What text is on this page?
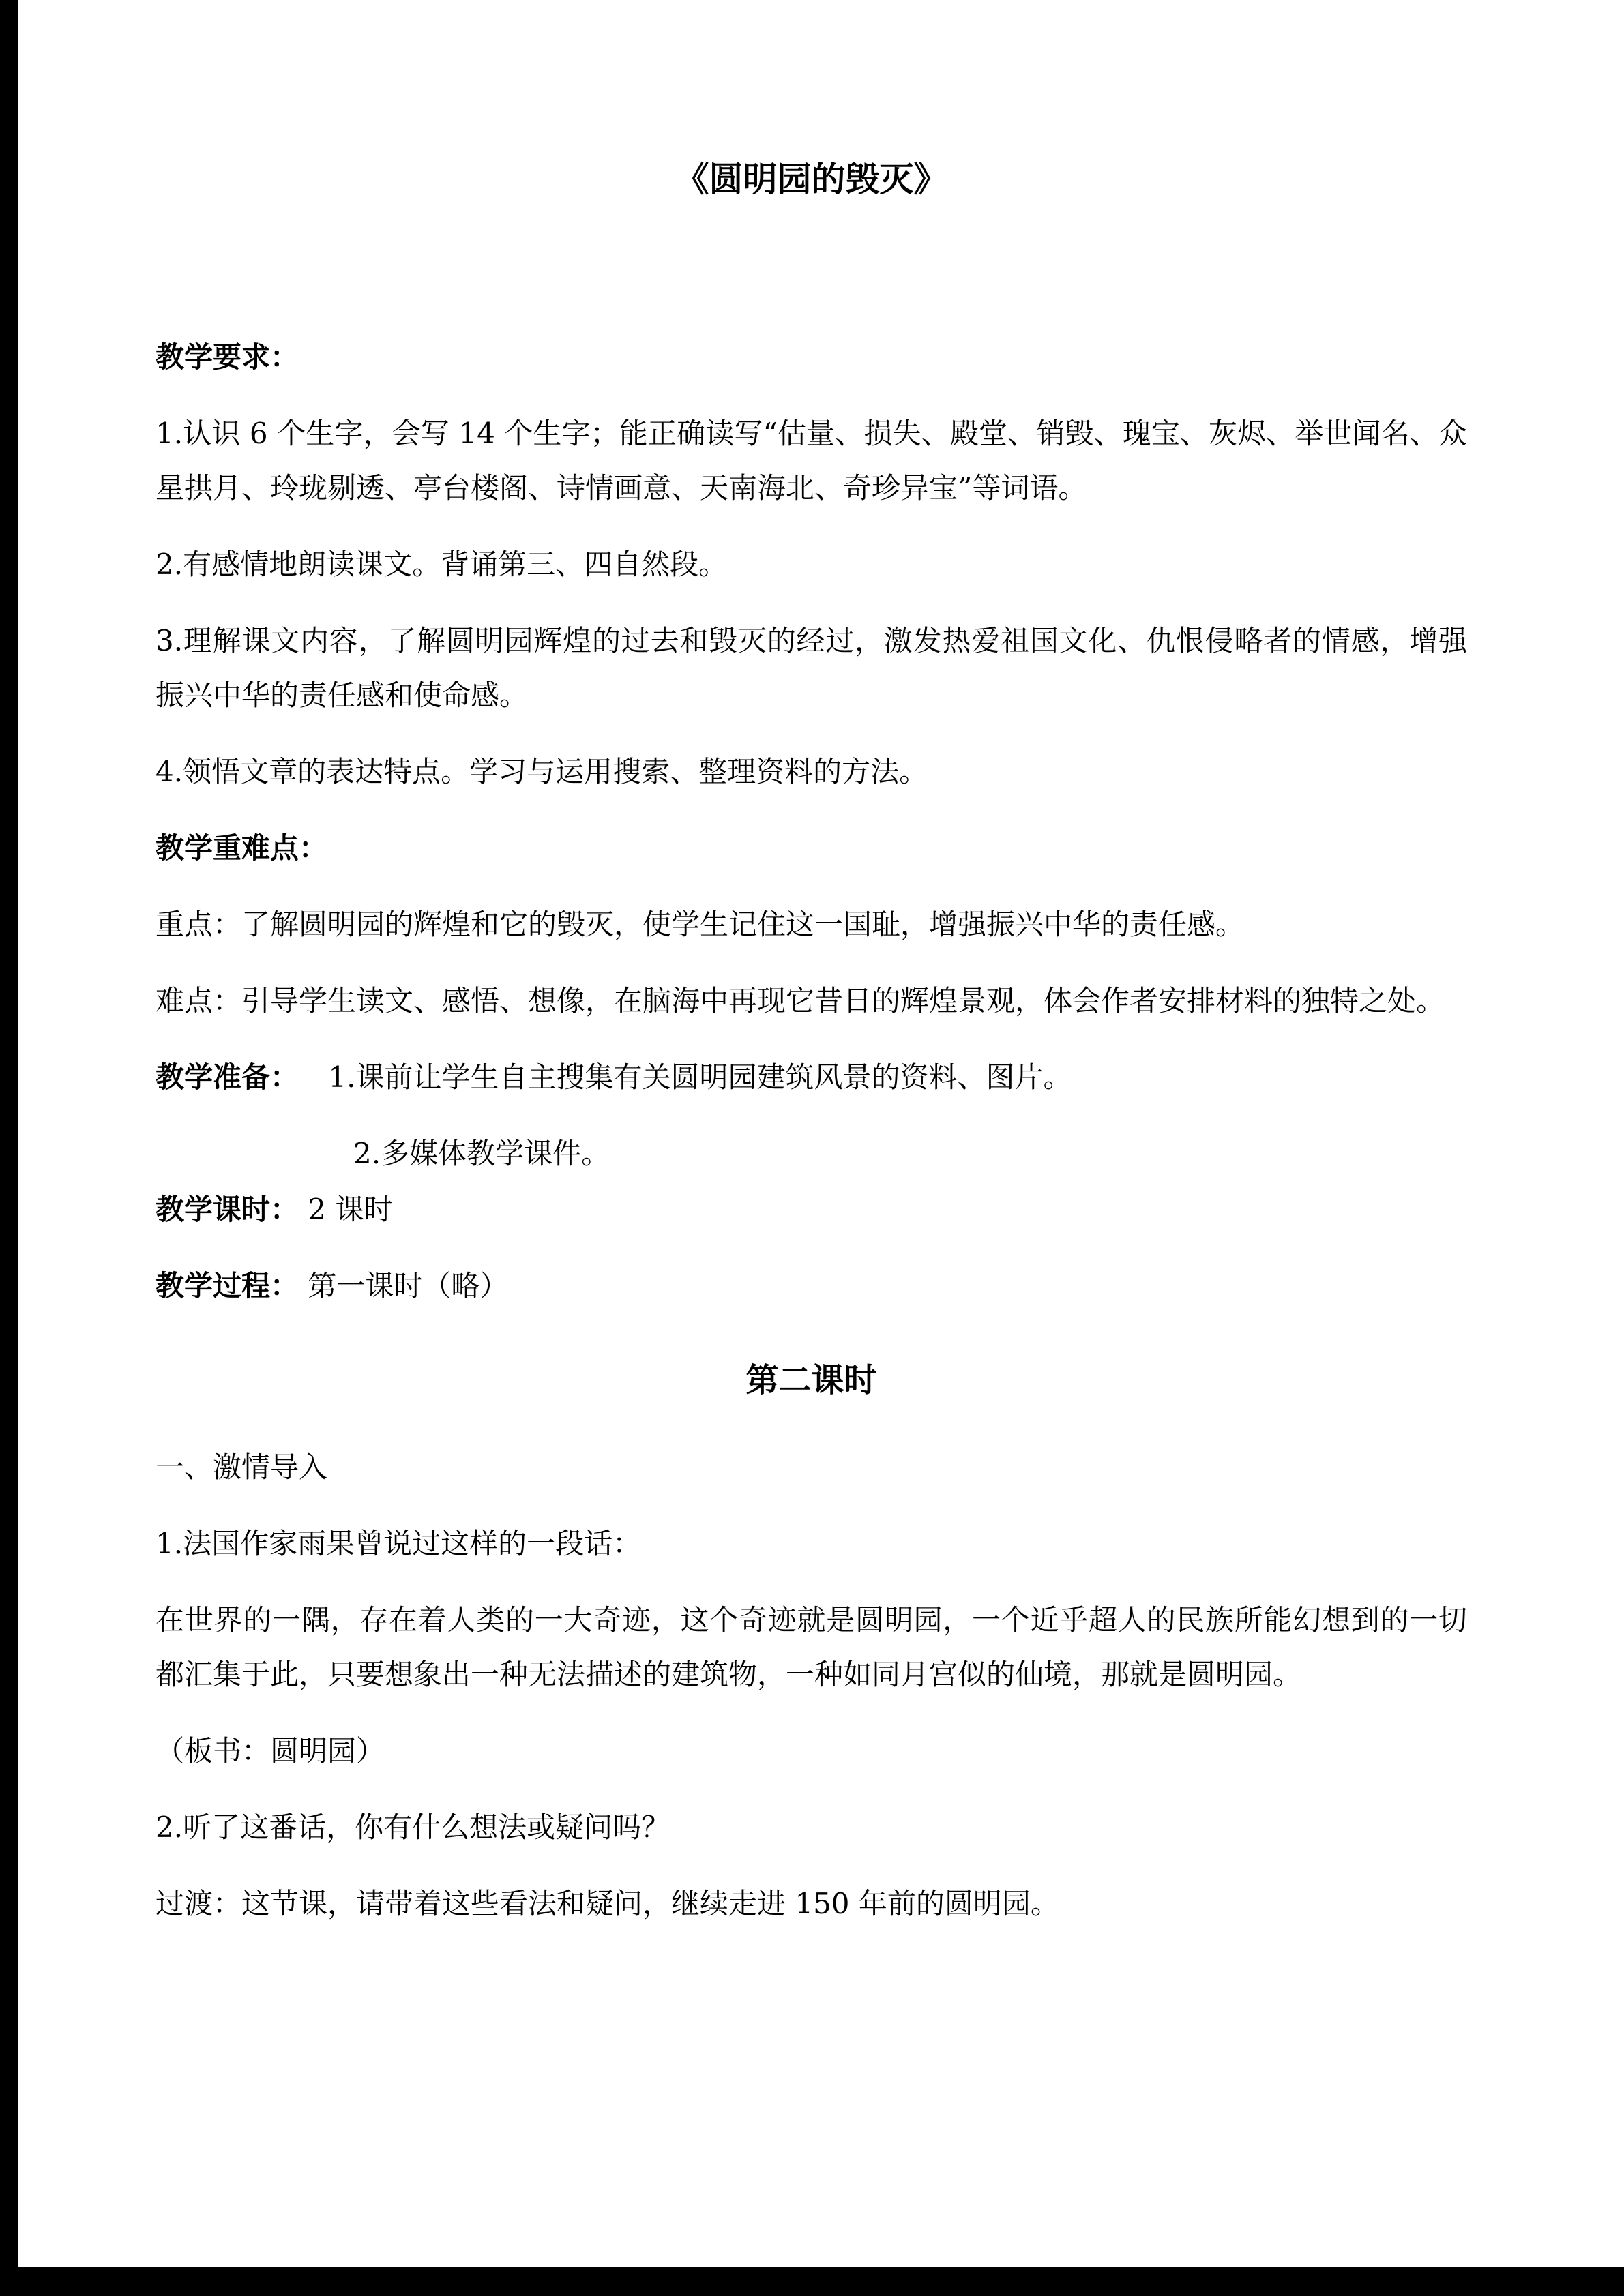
《圆明园的毁灭》
教学要求：
1.认识 6 个生字，会写 14 个生字；能正确读写“估量、损失、殿堂、销毁、瑰宝、灰烬、举世闻名、众星拱月、玲珑剔透、亭台楼阁、诗情画意、天南海北、奇珍异宝”等词语。
2.有感情地朗读课文。背诵第三、四自然段。
3.理解课文内容，了解圆明园辉煌的过去和毁灭的经过，激发热爱祖国文化、仇恨侵略者的情感，增强振兴中华的责任感和使命感。
4.领悟文章的表达特点。学习与运用搜索、整理资料的方法。
教学重难点：
重点：了解圆明园的辉煌和它的毁灭，使学生记住这一国耻，增强振兴中华的责任感。
难点：引导学生读文、感悟、想像，在脑海中再现它昔日的辉煌景观，体会作者安排材料的独特之处。
教学准备： 1.课前让学生自主搜集有关圆明园建筑风景的资料、图片。
2.多媒体教学课件。
教学课时： 2 课时
教学过程： 第一课时（略）
第二课时
一、激情导入
1.法国作家雨果曾说过这样的一段话：
在世界的一隅，存在着人类的一大奇迹，这个奇迹就是圆明园，一个近乎超人的民族所能幻想到的一切都汇集于此，只要想象出一种无法描述的建筑物，一种如同月宫似的仙境，那就是圆明园。
（板书：圆明园）
2.听了这番话，你有什么想法或疑问吗？
过渡：这节课，请带着这些看法和疑问，继续走进 150 年前的圆明园。
